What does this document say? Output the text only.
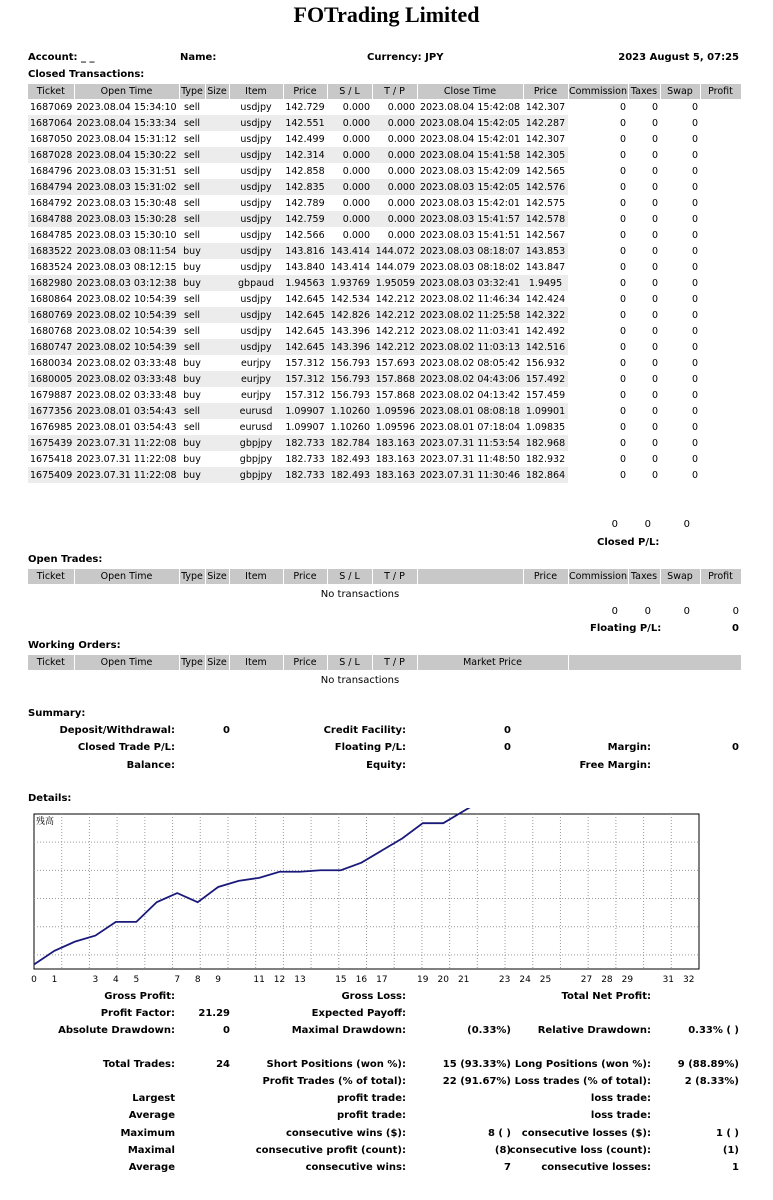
FOTrading Limited
Account: _ _	Name:	Currency: JPY	2023 August 5, 07:25
Closed Transactions:
Ticket	Open Time	Type	Size	Item	Price	S / L	T / P	Close Time	Price	Commission	Taxes	Swap	Profit
1687069	2023.08.04 15:34:10	sell		usdjpy	142.729	0.000	0.000	2023.08.04 15:42:08	142.307	0	0	0	
1687064	2023.08.04 15:33:34	sell		usdjpy	142.551	0.000	0.000	2023.08.04 15:42:05	142.287	0	0	0	
1687050	2023.08.04 15:31:12	sell		usdjpy	142.499	0.000	0.000	2023.08.04 15:42:01	142.307	0	0	0	
1687028	2023.08.04 15:30:22	sell		usdjpy	142.314	0.000	0.000	2023.08.04 15:41:58	142.305	0	0	0	
1684796	2023.08.03 15:31:51	sell		usdjpy	142.858	0.000	0.000	2023.08.03 15:42:09	142.565	0	0	0	
1684794	2023.08.03 15:31:02	sell		usdjpy	142.835	0.000	0.000	2023.08.03 15:42:05	142.576	0	0	0	
1684792	2023.08.03 15:30:48	sell		usdjpy	142.789	0.000	0.000	2023.08.03 15:42:01	142.575	0	0	0	
1684788	2023.08.03 15:30:28	sell		usdjpy	142.759	0.000	0.000	2023.08.03 15:41:57	142.578	0	0	0	
1684785	2023.08.03 15:30:10	sell		usdjpy	142.566	0.000	0.000	2023.08.03 15:41:51	142.567	0	0	0	
1683522	2023.08.03 08:11:54	buy		usdjpy	143.816	143.414	144.072	2023.08.03 08:18:07	143.853	0	0	0	
1683524	2023.08.03 08:12:15	buy		usdjpy	143.840	143.414	144.079	2023.08.03 08:18:02	143.847	0	0	0	
1682980	2023.08.03 03:12:38	buy		gbpaud	1.94563	1.93769	1.95059	2023.08.03 03:32:41	1.9495	0	0	0	
1680864	2023.08.02 10:54:39	sell		usdjpy	142.645	142.534	142.212	2023.08.02 11:46:34	142.424	0	0	0	
1680769	2023.08.02 10:54:39	sell		usdjpy	142.645	142.826	142.212	2023.08.02 11:25:58	142.322	0	0	0	
1680768	2023.08.02 10:54:39	sell		usdjpy	142.645	143.396	142.212	2023.08.02 11:03:41	142.492	0	0	0	
1680747	2023.08.02 10:54:39	sell		usdjpy	142.645	143.396	142.212	2023.08.02 11:03:13	142.516	0	0	0	
1680034	2023.08.02 03:33:48	buy		eurjpy	157.312	156.793	157.693	2023.08.02 08:05:42	156.932	0	0	0	
1680005	2023.08.02 03:33:48	buy		eurjpy	157.312	156.793	157.868	2023.08.02 04:43:06	157.492	0	0	0	
1679887	2023.08.02 03:33:48	buy		eurjpy	157.312	156.793	157.868	2023.08.02 04:13:42	157.459	0	0	0	
1677356	2023.08.01 03:54:43	sell		eurusd	1.09907	1.10260	1.09596	2023.08.01 08:08:18	1.09901	0	0	0	
1676985	2023.08.01 03:54:43	sell		eurusd	1.09907	1.10260	1.09596	2023.08.01 07:18:04	1.09835	0	0	0	
1675439	2023.07.31 11:22:08	buy		gbpjpy	182.733	182.784	183.163	2023.07.31 11:53:54	182.968	0	0	0	
1675418	2023.07.31 11:22:08	buy		gbpjpy	182.733	182.493	183.163	2023.07.31 11:48:50	182.932	0	0	0	
1675409	2023.07.31 11:22:08	buy		gbpjpy	182.733	182.493	183.163	2023.07.31 11:30:46	182.864	0	0	0	
Open Trades:
Ticket	Open Time	Type	Size	Item	Price	S / L	T / P		Price	Commission	Taxes	Swap	Profit
No transactions
Working Orders:
Ticket	Open Time	Type	Size	Item	Price	S / L	T / P	Market Price	
No transactions
0	0	0
Closed P/L:
0	0	0	0
Floating P/L:	0
Summary:
Deposit/Withdrawal:	0	Credit Facility:	0
Closed Trade P/L:	Floating P/L:	0	Margin:	0
Balance:	Equity:	Free Margin:
Details:
残高
0 1	3 4 5	7 8 9	11 12 13	15 16 17	19 20 21	23 24 25	27 28 29	31 32
Gross Profit:	Gross Loss:	Total Net Profit:
Profit Factor: 21.29	Expected Payoff:
Absolute Drawdown:	0	Maximal Drawdown:	(0.33%)	Relative Drawdown:	0.33% ( )
Total Trades:	24	Short Positions (won %):	15 (93.33%) Long Positions (won %):	9 (88.89%)
Profit Trades (% of total):	22 (91.67%) Loss trades (% of total):	2 (8.33%)
Largest	profit trade:	loss trade:
Average	profit trade:	loss trade:
Maximum	consecutive wins ($):	8 ( ) consecutive losses ($):	1 ( )
Maximal	consecutive profit (count):	(8)
consecutive loss (count):	(1)
Average	consecutive wins:	7	consecutive losses:	1
